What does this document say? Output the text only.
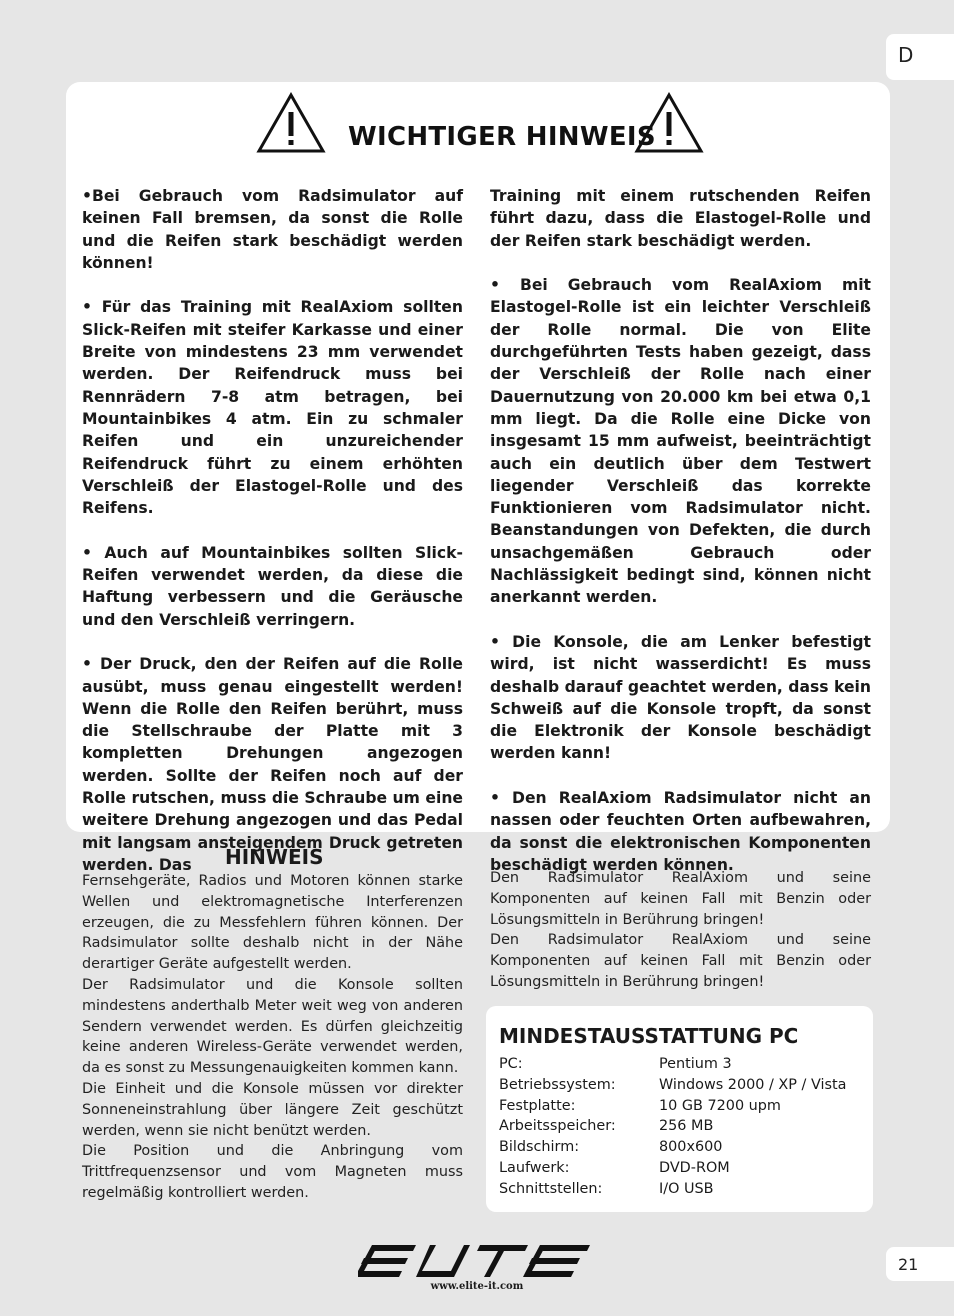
D
WICHTIGER HINWEIS

•Bei Gebrauch vom Radsimulator auf keinen Fall bremsen, da sonst die Rolle und die Reifen stark beschädigt werden können!

• Für das Training mit RealAxiom sollten Slick-Reifen mit steifer Karkasse und einer Breite von mindestens 23 mm verwendet werden. Der Reifendruck muss bei Rennrädern 7-8 atm betragen, bei Mountainbikes 4 atm. Ein zu schmaler Reifen und ein unzureichender Reifendruck führt zu einem erhöhten Verschleiß der Elastogel-Rolle und des Reifens.

• Auch auf Mountainbikes sollten Slick-Reifen verwendet werden, da diese die Haftung verbessern und die Geräusche und den Verschleiß verringern.

• Der Druck, den der Reifen auf die Rolle ausübt, muss genau eingestellt werden! Wenn die Rolle den Reifen berührt, muss die Stellschraube der Platte mit 3 kompletten Drehungen angezogen werden. Sollte der Reifen noch auf der Rolle rutschen, muss die Schraube um eine weitere Drehung angezogen und das Pedal mit langsam ansteigendem Druck getreten werden. Das

Training mit einem rutschenden Reifen führt dazu, dass die Elastogel-Rolle und der Reifen stark beschädigt werden.

• Bei Gebrauch vom RealAxiom mit Elastogel-Rolle ist ein leichter Verschleiß der Rolle normal. Die von Elite durchgeführten Tests haben gezeigt, dass der Verschleiß der Rolle nach einer Dauernutzung von 20.000 km bei etwa 0,1 mm liegt. Da die Rolle eine Dicke von insgesamt 15 mm aufweist, beeinträchtigt auch ein deutlich über dem Testwert liegender Verschleiß das korrekte Funktionieren vom Radsimulator nicht. Beanstandungen von Defekten, die durch unsachgemäßen Gebrauch oder Nachlässigkeit bedingt sind, können nicht anerkannt werden.

• Die Konsole, die am Lenker befestigt wird, ist nicht wasserdicht! Es muss deshalb darauf geachtet werden, dass kein Schweiß auf die Konsole tropft, da sonst die Elektronik der Konsole beschädigt werden kann!

• Den RealAxiom Radsimulator nicht an nassen oder feuchten Orten aufbewahren, da sonst die elektronischen Komponenten beschädigt werden können.

HINWEIS

Fernsehgeräte, Radios und Motoren können starke Wellen und elektromagnetische Interferenzen erzeugen, die zu Messfehlern führen können. Der Radsimulator sollte deshalb nicht in der Nähe derartiger Geräte aufgestellt werden.

Der Radsimulator und die Konsole sollten mindestens anderthalb Meter weit weg von anderen Sendern verwendet werden. Es dürfen gleichzeitig keine anderen Wireless-Geräte verwendet werden, da es sonst zu Messungenauigkeiten kommen kann.

Die Einheit und die Konsole müssen vor direkter Sonneneinstrahlung über längere Zeit geschützt werden, wenn sie nicht benützt werden.

Die Position und die Anbringung vom Trittfrequenzsensor und vom Magneten muss regelmäßig kontrolliert werden.

Den Radsimulator RealAxiom und seine Komponenten auf keinen Fall mit Benzin oder Lösungsmitteln in Berührung bringen!

Den Radsimulator RealAxiom und seine Komponenten auf keinen Fall mit Benzin oder Lösungsmitteln in Berührung bringen!

MINDESTAUSSTATTUNG PC
PC:	Pentium 3
Betriebssystem:	Windows 2000 / XP / Vista
Festplatte:	10 GB 7200 upm
Arbeitsspeicher:	256 MB
Bildschirm:	800x600
Laufwerk:	DVD-ROM
Schnittstellen:	I/O USB
www.elite-it.com
21
